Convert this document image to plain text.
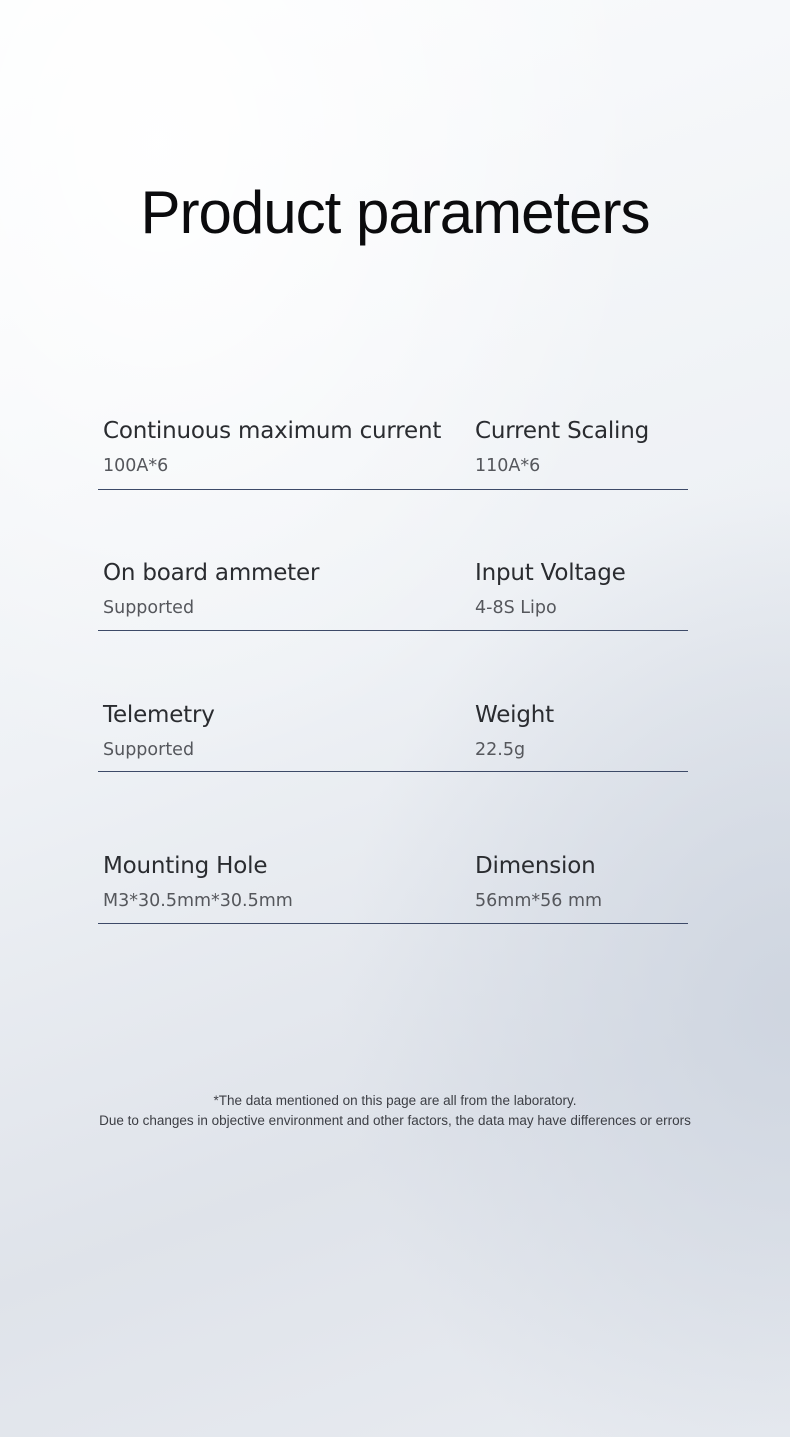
Product parameters
Continuous maximum current
100A*6
Current Scaling
110A*6
On board ammeter
Supported
Input Voltage
4-8S Lipo
Telemetry
Supported
Weight
22.5g
Mounting Hole
M3*30.5mm*30.5mm
Dimension
56mm*56 mm
*The data mentioned on this page are all from the laboratory.
Due to changes in objective environment and other factors, the data may have differences or errors
